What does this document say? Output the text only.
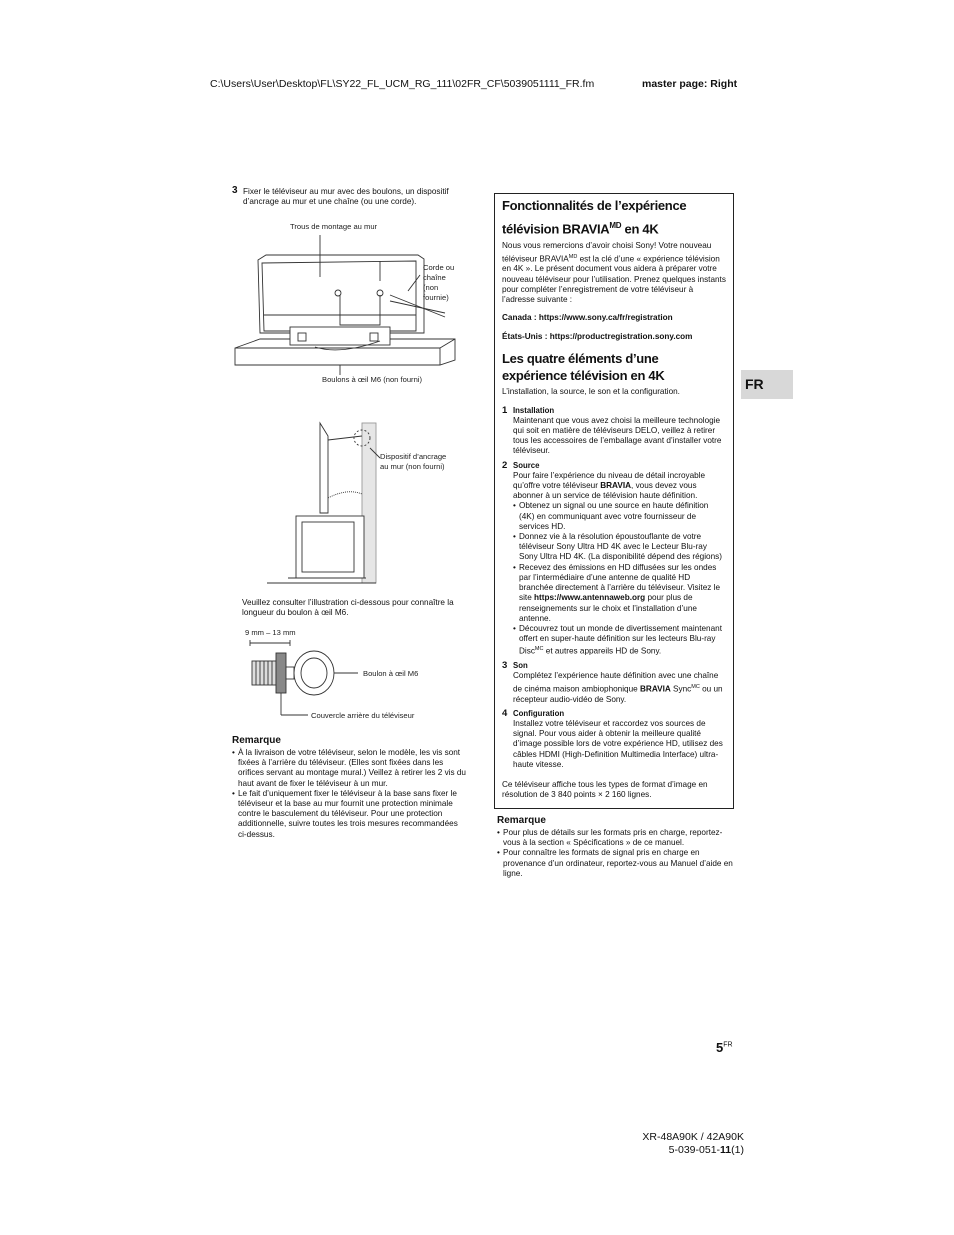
C:\Users\User\Desktop\FL\SY22_FL_UCM_RG_111\02FR_CF\5039051111_FR.fm	master page: Right
3 Fixer le téléviseur au mur avec des boulons, un dispositif d’ancrage au mur et une chaîne (ou une corde).
Trous de montage au mur
Corde ou
chaîne
(non
fournie)
Boulons à œil M6 (non fourni)
Dispositif d’ancrage
au mur (non fourni)
Veuillez consulter l’illustration ci-dessous pour connaître la longueur du boulon à œil M6.
9 mm – 13 mm
Boulon à œil M6
Couvercle arrière du téléviseur
Remarque
• À la livraison de votre téléviseur, selon le modèle, les vis sont fixées à l’arrière du téléviseur. (Elles sont fixées dans les orifices servant au montage mural.) Veillez à retirer les 2 vis du haut avant de fixer le téléviseur à un mur.
• Le fait d’uniquement fixer le téléviseur à la base sans fixer le téléviseur et la base au mur fournit une protection minimale contre le basculement du téléviseur. Pour une protection additionnelle, suivre toutes les trois mesures recommandées ci-dessus.
Fonctionnalités de l’expérience
télévision $BRAVIA^{MD}$ en 4K

Nous vous remercions d’avoir choisi Sony! Votre nouveau téléviseur $BRAVIA^{MD}$ est la clé d’une « expérience télévision en 4K ». Le présent document vous aidera à préparer votre nouveau téléviseur pour l’utilisation. Prenez quelques instants pour compléter l’enregistrement de votre téléviseur à l’adresse suivante :

Canada : https://www.sony.ca/fr/registration

États-Unis : https://productregistration.sony.com

Les quatre éléments d’une expérience télévision en 4K

L’installation, la source, le son et la configuration.

1 Installation
Maintenant que vous avez choisi la meilleure technologie qui soit en matière de téléviseurs DELO, veillez à retirer tous les accessoires de l’emballage avant d’installer votre téléviseur.
2 Source
Pour faire l’expérience du niveau de détail incroyable qu’offre votre téléviseur BRAVIA, vous devez vous abonner à un service de télévision haute définition.
• Obtenez un signal ou une source en haute définition (4K) en communiquant avec votre fournisseur de services HD.
• Donnez vie à la résolution époustouflante de votre téléviseur Sony Ultra HD 4K avec le Lecteur Blu-ray Sony Ultra HD 4K. (La disponibilité dépend des régions)
• Recevez des émissions en HD diffusées sur les ondes par l’intermédiaire d’une antenne de qualité HD branchée directement à l’arrière du téléviseur. Visitez le site https://www.antennaweb.org pour plus de renseignements sur le choix et l’installation d’une antenne.
• Découvrez tout un monde de divertissement maintenant offert en super-haute définition sur les lecteurs Blu-ray Disc$^{MC}$ et autres appareils HD de Sony.
3 Son
Complétez l’expérience haute définition avec une chaîne de cinéma maison ambiophonique BRAVIA Sync$^{MC}$ ou un récepteur audio-vidéo de Sony.
4 Configuration
Installez votre téléviseur et raccordez vos sources de signal. Pour vous aider à obtenir la meilleure qualité d’image possible lors de votre expérience HD, utilisez des câbles HDMI (High-Definition Multimedia Interface) ultra-haute vitesse.

Ce téléviseur affiche tous les types de format d’image en résolution de 3 840 points × 2 160 lignes.

Remarque
• Pour plus de détails sur les formats pris en charge, reportez-vous à la section « Spécifications » de ce manuel.
• Pour connaître les formats de signal pris en charge en provenance d’un ordinateur, reportez-vous au Manuel d’aide en ligne.
FR
$5^{FR}$
XR-48A90K / 42A90K
5-039-051-11(1)
